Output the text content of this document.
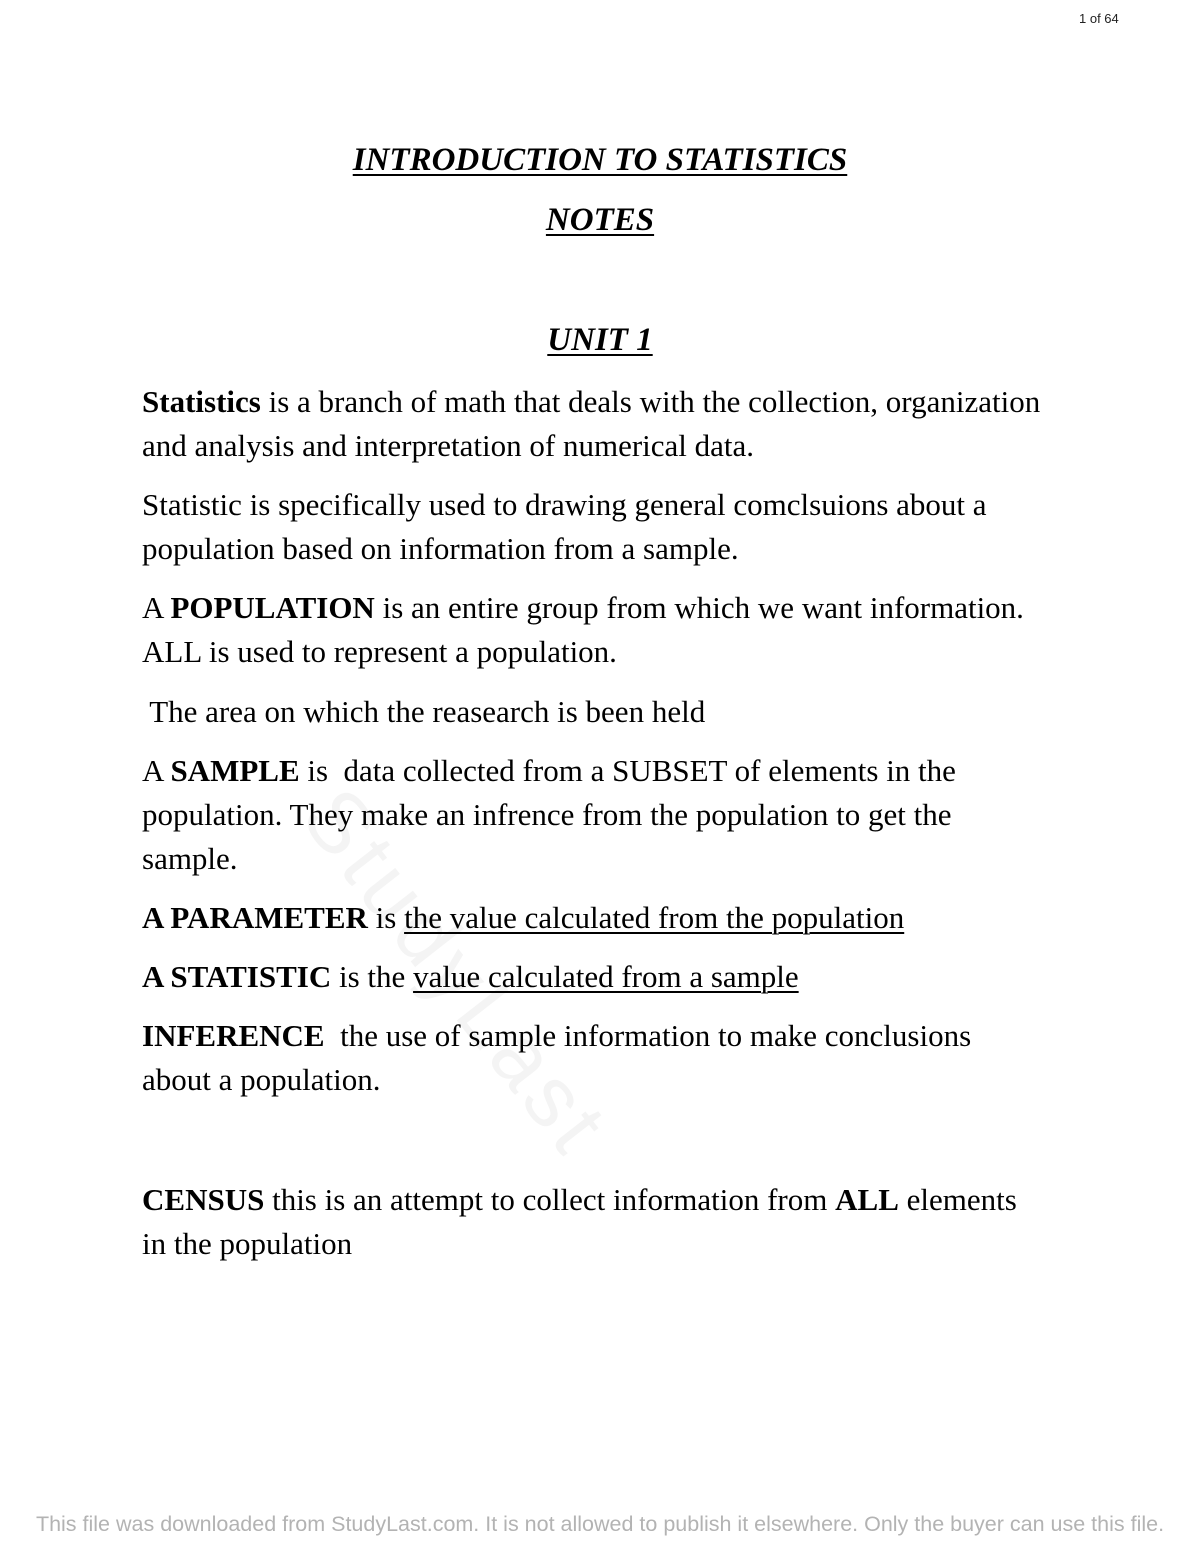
1 of 64
INTRODUCTION TO STATISTICS
NOTES
UNIT 1

Statistics is a branch of math that deals with the collection, organization and analysis and interpretation of numerical data.

Statistic is specifically used to drawing general comclsuions about a population based on information from a sample.

A POPULATION is an entire group from which we want information. ALL is used to represent a population.

The area on which the reasearch is been held

A SAMPLE is  data collected from a SUBSET of elements in the population. They make an infrence from the population to get the sample.

A PARAMETER is the value calculated from the population

A STATISTIC is the value calculated from a sample

INFERENCE  the use of sample information to make conclusions about a population.

CENSUS this is an attempt to collect information from ALL elements in the population

This file was downloaded from StudyLast.com. It is not allowed to publish it elsewhere. Only the buyer can use this file.
